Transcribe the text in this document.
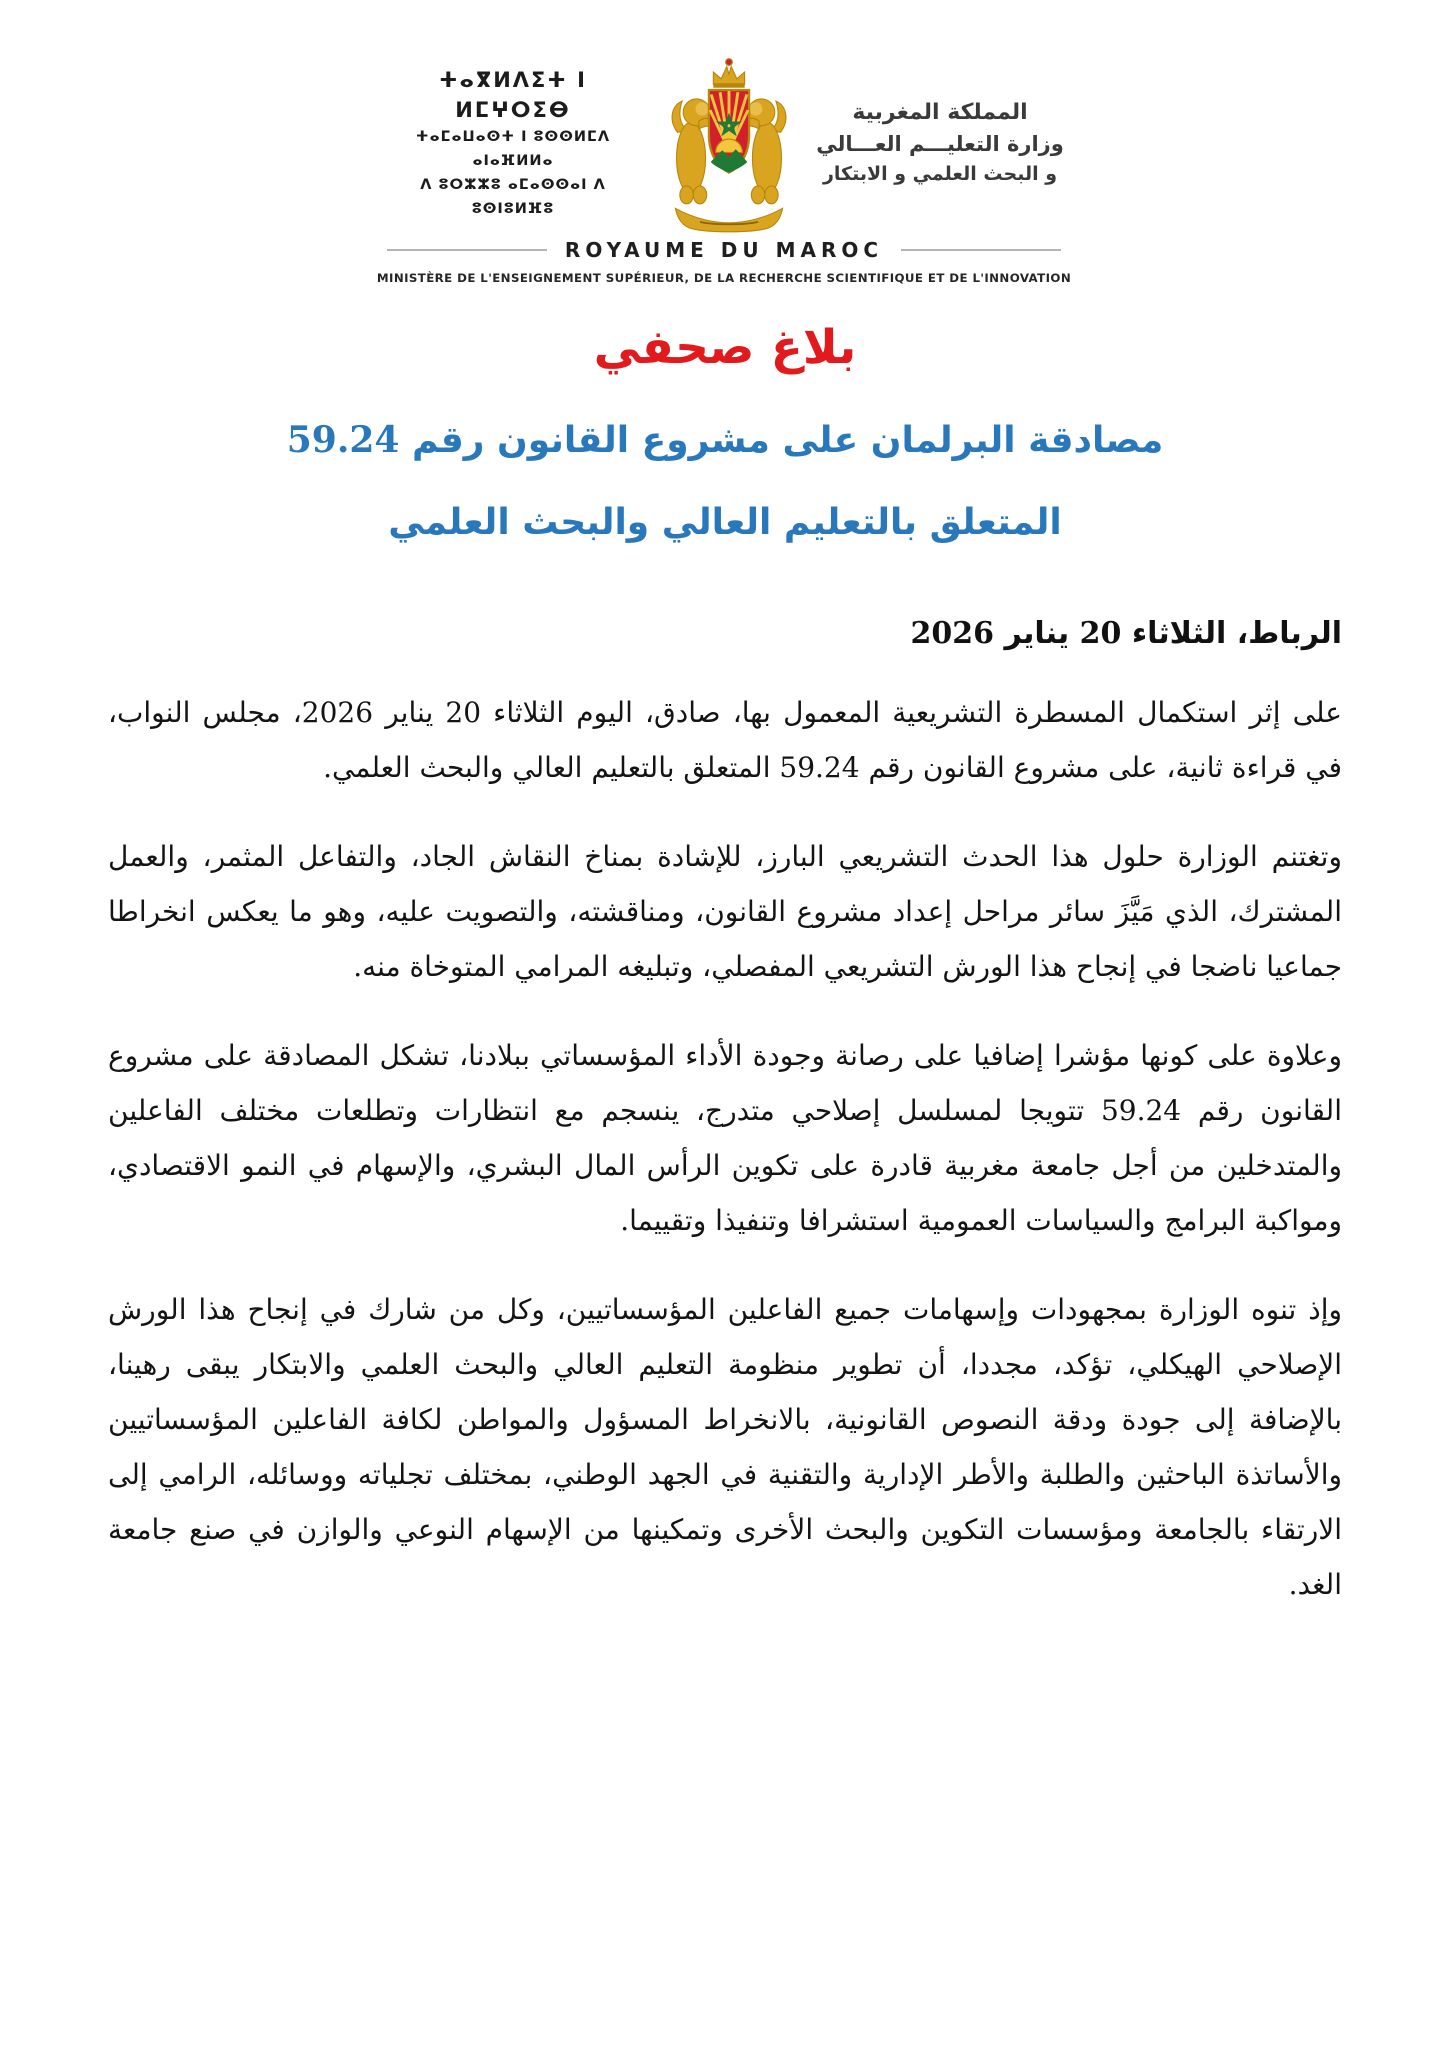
ⵜⴰⴳⵍⴷⵉⵜ ⵏ ⵍⵎⵖⵔⵉⴱ
ⵜⴰⵎⴰⵡⴰⵙⵜ ⵏ ⵓⵙⵙⵍⵎⴷ ⴰⵏⴰⴼⵍⵍⴰ
ⴷ ⵓⵔⵣⵣⵓ ⴰⵎⴰⵙⵙⴰⵏ ⴷ ⵓⵙⵏⵓⵍⴼⵓ
المملكة المغربية
وزارة التعليـــم العـــالي
و البحث العلمي و الابتكار
ROYAUME DU MAROC
MINISTÈRE DE L'ENSEIGNEMENT SUPÉRIEUR, DE LA RECHERCHE SCIENTIFIQUE ET DE L'INNOVATION
بلاغ صحفي
مصادقة البرلمان على مشروع القانون رقم 59.24
المتعلق بالتعليم العالي والبحث العلمي
الرباط، الثلاثاء 20 يناير 2026

على إثر استكمال المسطرة التشريعية المعمول بها، صادق، اليوم الثلاثاء 20 يناير 2026، مجلس النواب، في قراءة ثانية، على مشروع القانون رقم 59.24 المتعلق بالتعليم العالي والبحث العلمي.

وتغتنم الوزارة حلول هذا الحدث التشريعي البارز، للإشادة بمناخ النقاش الجاد، والتفاعل المثمر، والعمل المشترك، الذي مَيَّزَ سائر مراحل إعداد مشروع القانون، ومناقشته، والتصويت عليه، وهو ما يعكس انخراطا جماعيا ناضجا في إنجاح هذا الورش التشريعي المفصلي، وتبليغه المرامي المتوخاة منه.

وعلاوة على كونها مؤشرا إضافيا على رصانة وجودة الأداء المؤسساتي ببلادنا، تشكل المصادقة على مشروع القانون رقم 59.24 تتويجا لمسلسل إصلاحي متدرج، ينسجم مع انتظارات وتطلعات مختلف الفاعلين والمتدخلين من أجل جامعة مغربية قادرة على تكوين الرأس المال البشري، والإسهام في النمو الاقتصادي، ومواكبة البرامج والسياسات العمومية استشرافا وتنفيذا وتقييما.

وإذ تنوه الوزارة بمجهودات وإسهامات جميع الفاعلين المؤسساتيين، وكل من شارك في إنجاح هذا الورش الإصلاحي الهيكلي، تؤكد، مجددا، أن تطوير منظومة التعليم العالي والبحث العلمي والابتكار يبقى رهينا، بالإضافة إلى جودة ودقة النصوص القانونية، بالانخراط المسؤول والمواطن لكافة الفاعلين المؤسساتيين والأساتذة الباحثين والطلبة والأطر الإدارية والتقنية في الجهد الوطني، بمختلف تجلياته ووسائله، الرامي إلى الارتقاء بالجامعة ومؤسسات التكوين والبحث الأخرى وتمكينها من الإسهام النوعي والوازن في صنع جامعة الغد.
